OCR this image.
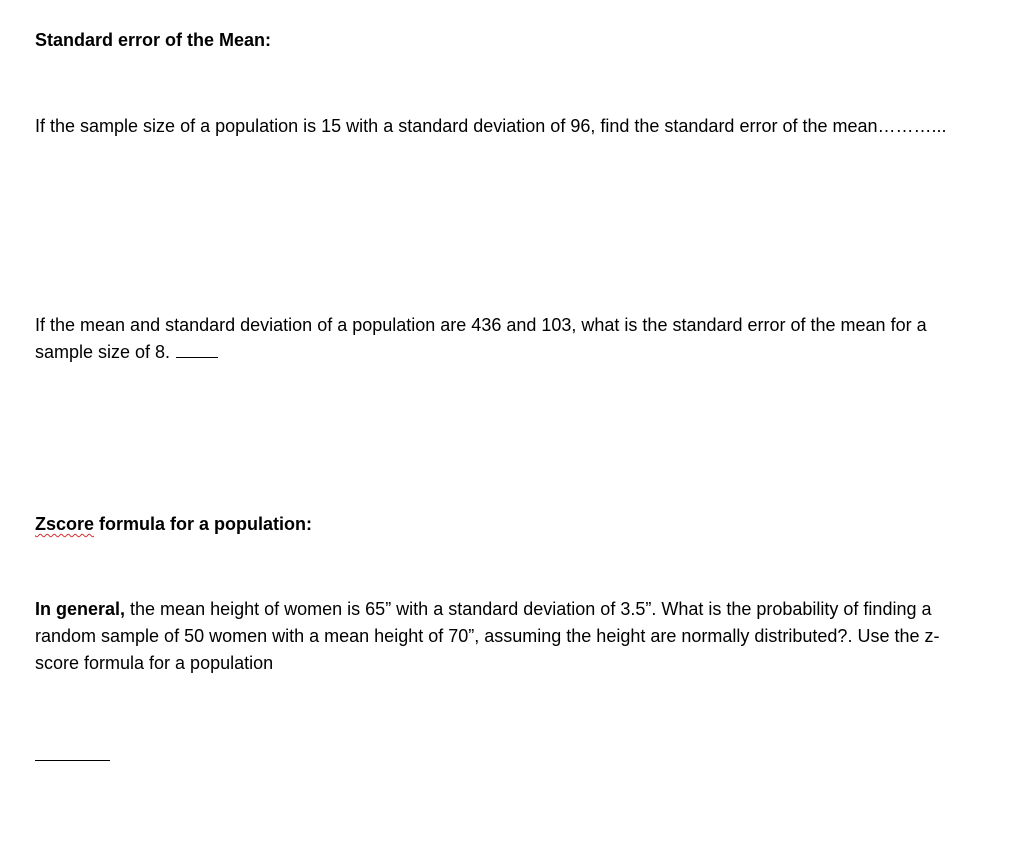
Standard error of the Mean:

If the sample size of a population is 15 with a standard deviation of 96, find the standard error of the mean………...

If the mean and standard deviation of a population are 436 and 103, what is the standard error of the mean for a sample size of 8.

Zscore formula for a population:

In general, the mean height of women is 65” with a standard deviation of 3.5”. What is the probability of finding a random sample of 50 women with a mean height of 70”, assuming the height are normally distributed?. Use the z-score formula for a population
